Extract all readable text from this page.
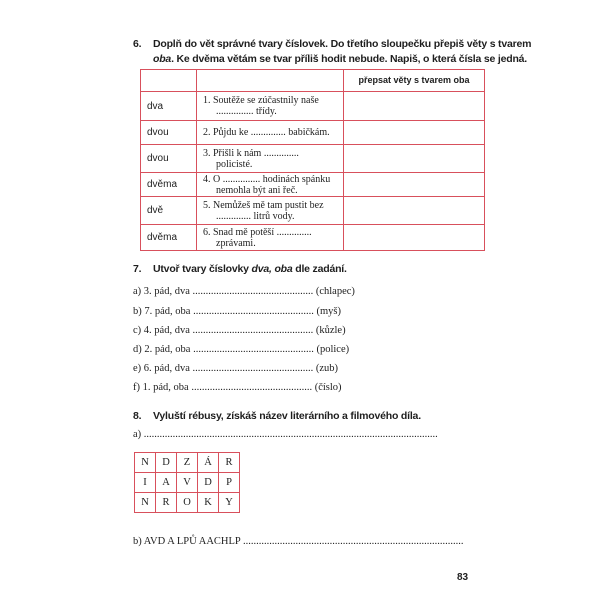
6. Doplň do vět správné tvary číslovek. Do třetího sloupečku přepiš věty s tvarem
oba. Ke dvěma větám se tvar příliš hodit nebude. Napiš, o která čísla se jedná.
		přepsat věty s tvarem oba
dva	1. Soutěže se zúčastnily naše
............... třídy.	

dvou	2. Půjdu ke .............. babičkám.	
dvou	3. Přišli k nám ..............
policisté.	

dvěma	4. O ............... hodinách spánku
nemohla být ani řeč.	

dvě	5. Nemůžeš mě tam pustit bez
.............. litrů vody.	

dvěma	6. Snad mě potěší ..............
zprávami.	

7. Utvoř tvary číslovky dva, oba dle zadání.
a) 3. pád, dva .............................................. (chlapec)
b) 7. pád, oba .............................................. (myš)
c) 4. pád, dva .............................................. (kůzle)
d) 2. pád, oba .............................................. (police)
e) 6. pád, dva .............................................. (zub)
f) 1. pád, oba .............................................. (číslo)
8. Vyluští rébusy, získáš název literárního a filmového díla.
a) ................................................................................................................
N	D	Z	Á	R
I	A	V	D	P
N	R	O	K	Y
b) AVD A LPŮ AACHLP ....................................................................................
83
